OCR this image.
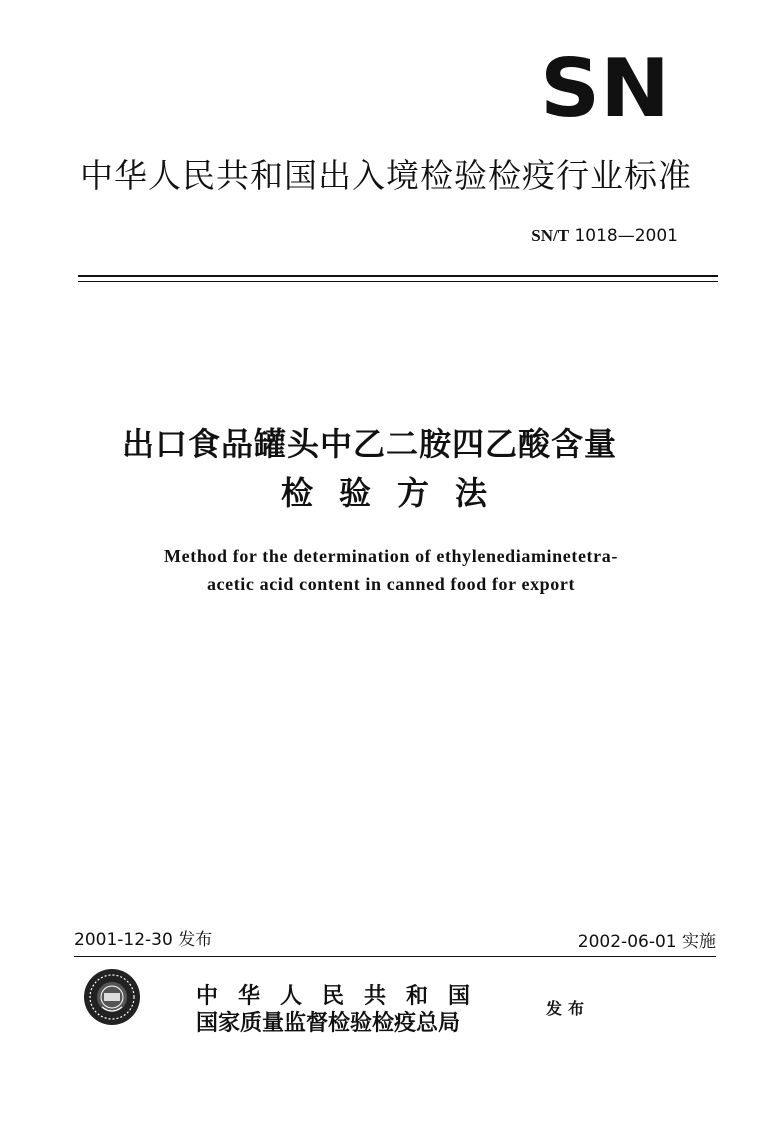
SN
中华人民共和国出入境检验检疫行业标准
SN/T 1018—2001
出口食品罐头中乙二胺四乙酸含量
检验方法
Method for the determination of ethylenediaminetetra-
acetic acid content in canned food for export
2001-12-30 发布	2002-06-01 实施
中华人民共和国
国家质量监督检验检疫总局
发布
